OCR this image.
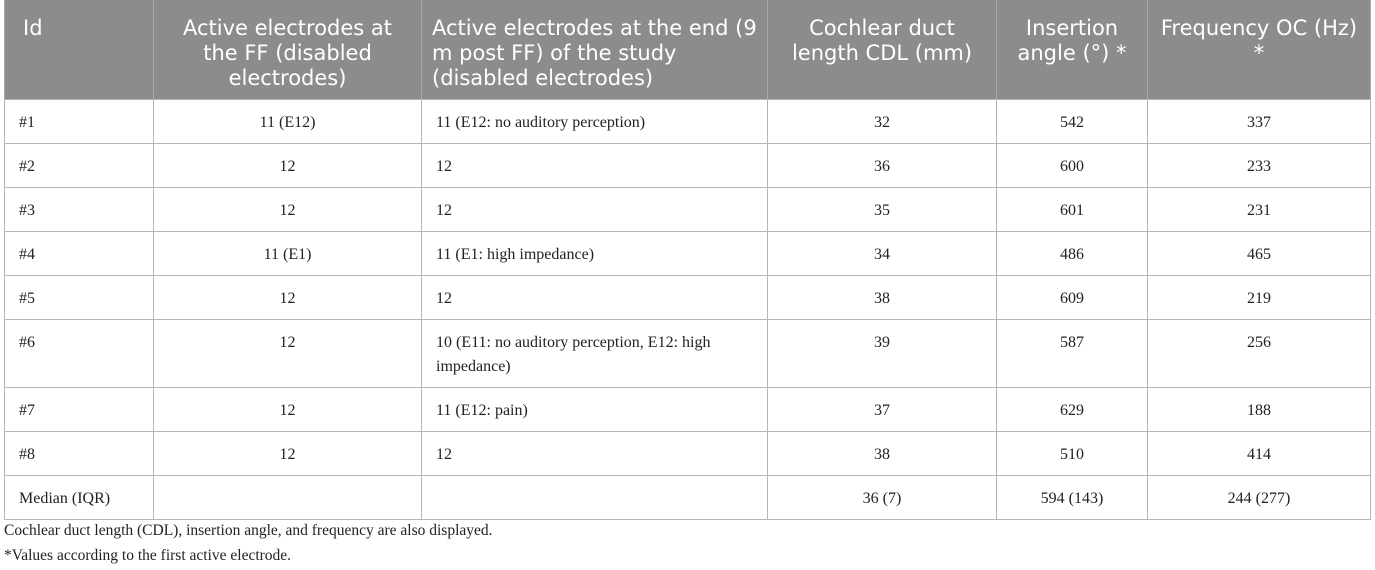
Id	Active electrodes at the FF (disabled electrodes)	Active electrodes at the end (9 m post FF) of the study (disabled electrodes)	Cochlear duct length CDL (mm)	Insertion angle (°) *	Frequency OC (Hz) *
#1	11 (E12)	11 (E12: no auditory perception)	32	542	337
#2	12	12	36	600	233
#3	12	12	35	601	231
#4	11 (E1)	11 (E1: high impedance)	34	486	465
#5	12	12	38	609	219
#6	12	10 (E11: no auditory perception, E12: high impedance)	39	587	256
#7	12	11 (E12: pain)	37	629	188
#8	12	12	38	510	414
Median (IQR)			36 (7)	594 (143)	244 (277)
Cochlear duct length (CDL), insertion angle, and frequency are also displayed.
*Values according to the first active electrode.
